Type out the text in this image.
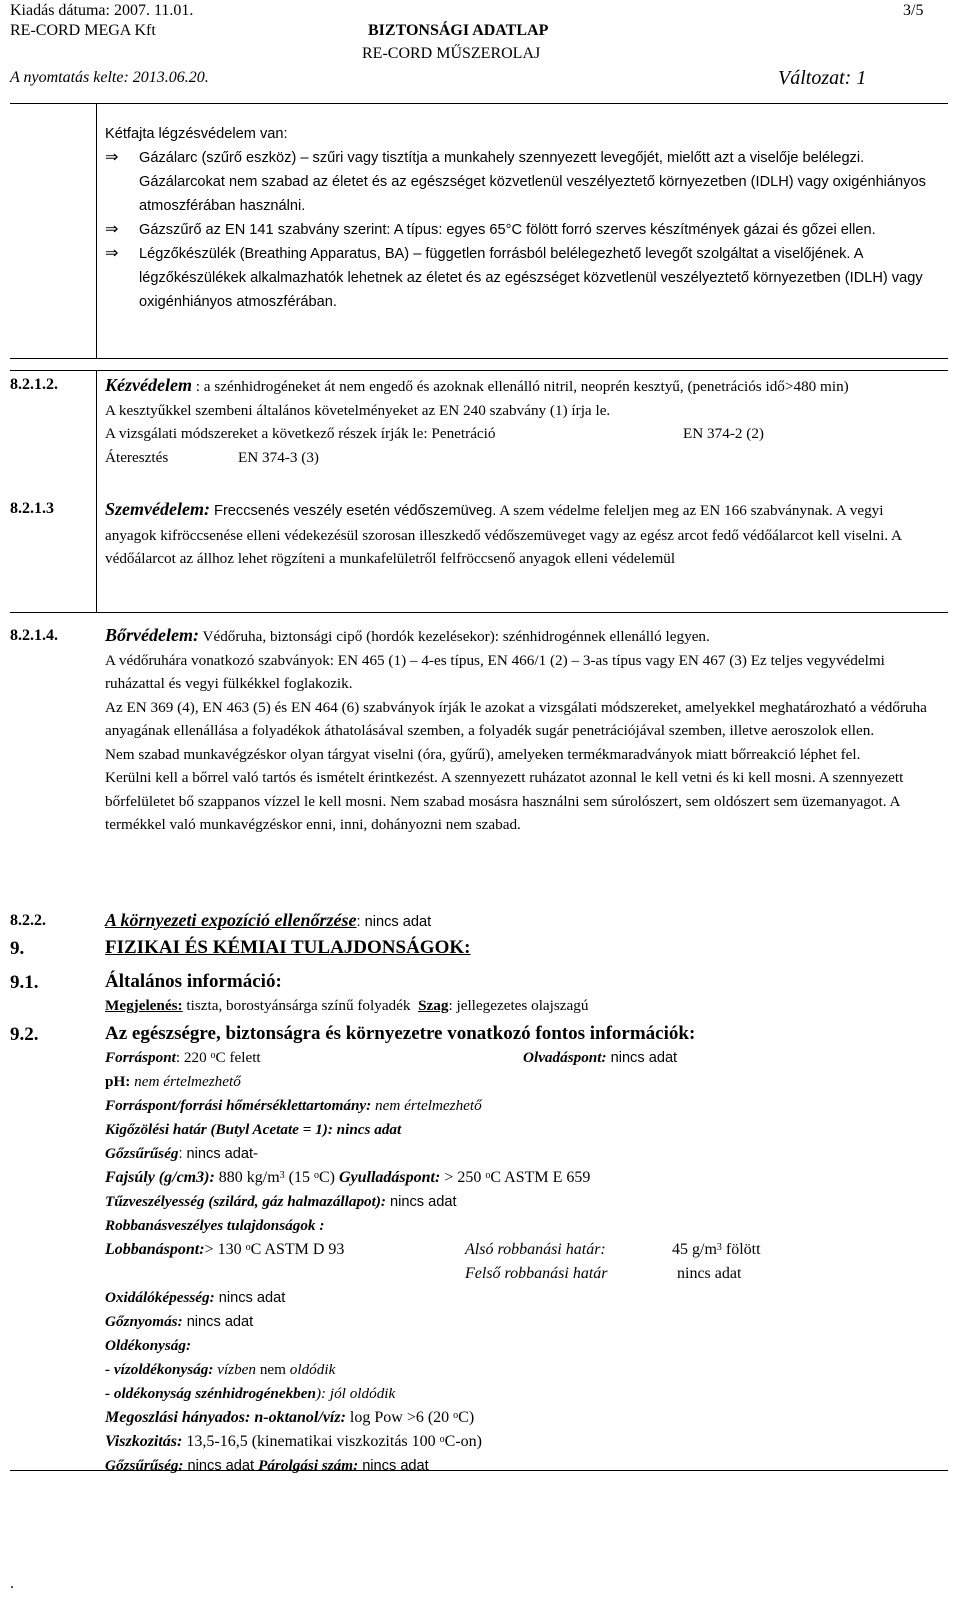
Kiadás dátuma: 2007. 11.01.	3/5
RE-CORD MEGA Kft	BIZTONSÁGI ADATLAP
RE-CORD MŰSZEROLAJ
A nyomtatás kelte: 2013.06.20.	Változat: 1
Kétfajta légzésvédelem van:
⇒	Gázálarc (szűrő eszköz) – szűri vagy tisztítja a munkahely szennyezett levegőjét, mielőtt azt a viselője belélegzi. Gázálarcokat nem szabad az életet és az egészséget közvetlenül veszélyeztető környezetben (IDLH) vagy oxigénhiányos atmoszférában használni.
⇒	Gázszűrő az EN 141 szabvány szerint: A típus: egyes 65°C fölött forró szerves készítmények gázai és gőzei ellen.
⇒	Légzőkészülék (Breathing Apparatus, BA) – független forrásból belélegezhető levegőt szolgáltat a viselőjének. A légzőkészülékek alkalmazhatók lehetnek az életet és az egészséget közvetlenül veszélyeztető környezetben (IDLH) vagy oxigénhiányos atmoszférában.
8.2.1.2.	Kézvédelem : a szénhidrogéneket át nem engedő és azoknak ellenálló nitril, neoprén kesztyű, (penetrációs idő>480 min)
A kesztyűkkel szembeni általános követelményeket az EN 240 szabvány (1) írja le.
A vizsgálati módszereket a következő részek írják le: Penetráció	EN 374-2 (2)
Áteresztés	EN 374-3 (3)
8.2.1.3	Szemvédelem: Freccsenés veszély esetén védőszemüveg. A szem védelme feleljen meg az EN 166 szabványnak. A vegyi anyagok kifröccsenése elleni védekezésül szorosan illeszkedő védőszemüveget vagy az egész arcot fedő védőálarcot kell viselni. A védőálarcot az állhoz lehet rögzíteni a munkafelületről felfröccsenő anyagok elleni védelemül
8.2.1.4.	Bőrvédelem: Védőruha, biztonsági cipő (hordók kezelésekor): szénhidrogénnek ellenálló legyen.
A védőruhára vonatkozó szabványok: EN 465 (1) – 4-es típus, EN 466/1 (2) – 3-as típus vagy EN 467 (3) Ez teljes vegyvédelmi ruházattal és vegyi fülkékkel foglakozik.
Az EN 369 (4), EN 463 (5) és EN 464 (6) szabványok írják le azokat a vizsgálati módszereket, amelyekkel meghatározható a védőruha anyagának ellenállása a folyadékok áthatolásával szemben, a folyadék sugár penetrációjával szemben, illetve aeroszolok ellen.
Nem szabad munkavégzéskor olyan tárgyat viselni (óra, gyűrű), amelyeken termékmaradványok miatt bőrreakció léphet fel.
Kerülni kell a bőrrel való tartós és ismételt érintkezést. A szennyezett ruházatot azonnal le kell vetni és ki kell mosni. A szennyezett bőrfelületet bő szappanos vízzel le kell mosni. Nem szabad mosásra használni sem súrolószert, sem oldószert sem üzemanyagot. A termékkel való munkavégzéskor enni, inni, dohányozni nem szabad.
8.2.2.	A környezeti expozíció ellenőrzése: nincs adat
9.	FIZIKAI ÉS KÉMIAI TULAJDONSÁGOK:
9.1.	Általános információ:
Megjelenés: tiszta, borostyánsárga színű folyadék Szag: jellegezetes olajszagú
9.2.	Az egészségre, biztonságra és környezetre vonatkozó fontos információk:
Forráspont: 220 $^o$C felett	Olvadáspont: nincs adat
pH: nem értelmezhető
Forráspont/forrási hőmérséklettartomány: nem értelmezhető
Kigőzölési határ (Butyl Acetate = 1): nincs adat
Gőzsűrűség: nincs adat-
Fajsúly (g/cm3): 880 $kg/m^3$ (15 $^o$C) Gyulladáspont: > 250 $^o$C ASTM E 659
Tűzveszélyesség (szilárd, gáz halmazállapot): nincs adat
Robbanásveszélyes tulajdonságok :
Lobbanáspont:> 130 $^o$C ASTM D 93	Alsó robbanási határ:	45 $g/m^3$ fölött
Felső robbanási határ	nincs adat
Oxidálóképesség: nincs adat
Gőznyomás: nincs adat
Oldékonyság:
- vízoldékonyság: vízben nem oldódik
- oldékonyság szénhidrogénekben): jól oldódik
Megoszlási hányados: n-oktanol/víz: log Pow >6 (20 $^o$C)
Viszkozitás: 13,5-16,5 (kinematikai viszkozitás 100 $^o$C-on)
Gőzsűrűség: nincs adat Párolgási szám: nincs adat
.
